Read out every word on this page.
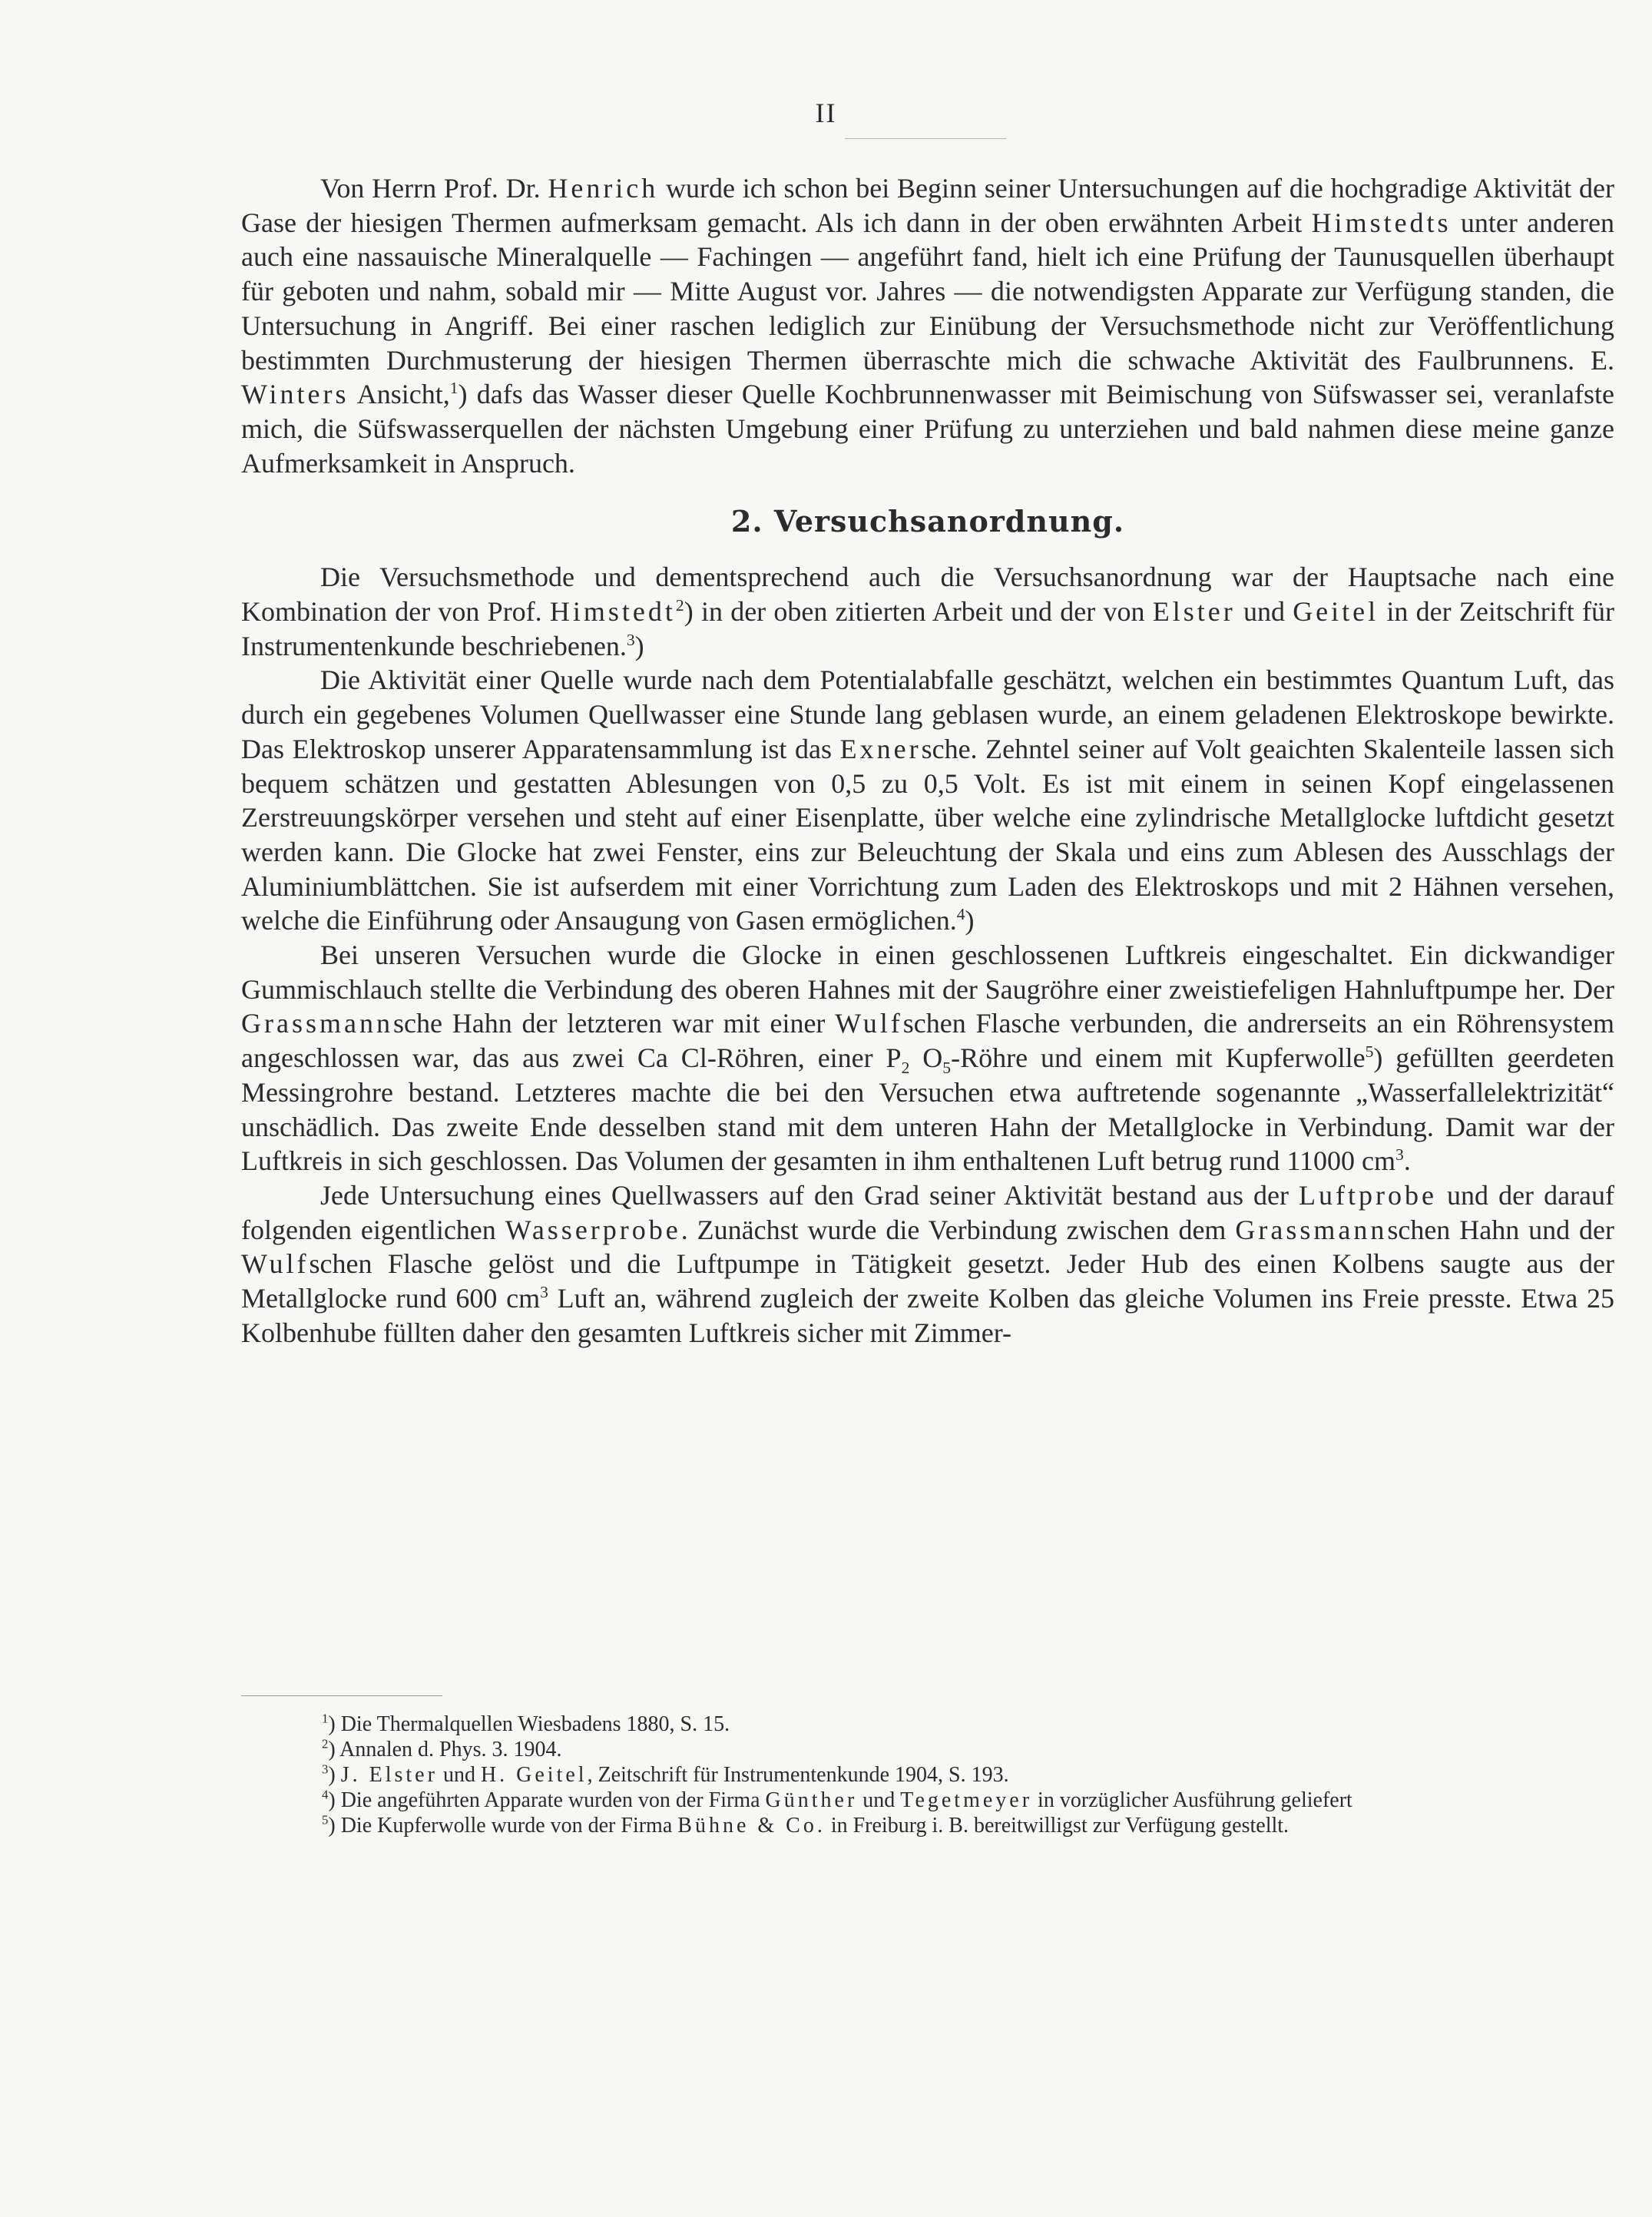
II

Von Herrn Prof. Dr. Henrich wurde ich schon bei Beginn seiner Untersuchungen auf die hochgradige Aktivität der Gase der hiesigen Thermen aufmerksam gemacht. Als ich dann in der oben erwähnten Arbeit Himstedts unter anderen auch eine nassauische Mineralquelle — Fachingen — angeführt fand, hielt ich eine Prüfung der Taunusquellen überhaupt für geboten und nahm, sobald mir — Mitte August vor. Jahres — die notwendigsten Apparate zur Verfügung standen, die Untersuchung in Angriff. Bei einer raschen lediglich zur Einübung der Versuchsmethode nicht zur Veröffentlichung bestimmten Durchmusterung der hiesigen Thermen überraschte mich die schwache Aktivität des Faulbrunnens. E. Winters Ansicht,$^1$) dafs das Wasser dieser Quelle Kochbrunnenwasser mit Beimischung von Süfswasser sei, veranlafste mich, die Süfswasserquellen der nächsten Umgebung einer Prüfung zu unterziehen und bald nahmen diese meine ganze Aufmerksamkeit in Anspruch.

2. Versuchsanordnung.

Die Versuchsmethode und dementsprechend auch die Versuchsanordnung war der Hauptsache nach eine Kombination der von Prof. Himstedt$^2$) in der oben zitierten Arbeit und der von Elster und Geitel in der Zeitschrift für Instrumentenkunde beschriebenen.$^3$)

Die Aktivität einer Quelle wurde nach dem Potentialabfalle geschätzt, welchen ein bestimmtes Quantum Luft, das durch ein gegebenes Volumen Quellwasser eine Stunde lang geblasen wurde, an einem geladenen Elektroskope bewirkte. Das Elektroskop unserer Apparatensammlung ist das Exnersche. Zehntel seiner auf Volt geaichten Skalenteile lassen sich bequem schätzen und gestatten Ablesungen von 0,5 zu 0,5 Volt. Es ist mit einem in seinen Kopf eingelassenen Zerstreuungskörper versehen und steht auf einer Eisenplatte, über welche eine zylindrische Metallglocke luftdicht gesetzt werden kann. Die Glocke hat zwei Fenster, eins zur Beleuchtung der Skala und eins zum Ablesen des Ausschlags der Aluminiumblättchen. Sie ist aufserdem mit einer Vorrichtung zum Laden des Elektroskops und mit 2 Hähnen versehen, welche die Einführung oder Ansaugung von Gasen ermöglichen.$^4$)

Bei unseren Versuchen wurde die Glocke in einen geschlossenen Luftkreis eingeschaltet. Ein dickwandiger Gummischlauch stellte die Verbindung des oberen Hahnes mit der Saugröhre einer zweistiefeligen Hahnluftpumpe her. Der Grassmannsche Hahn der letzteren war mit einer Wulfschen Flasche verbunden, die andrerseits an ein Röhrensystem angeschlossen war, das aus zwei Ca Cl-Röhren, einer $P_2$ $O_5$-Röhre und einem mit Kupferwolle$^5$) gefüllten geerdeten Messingrohre bestand. Letzteres machte die bei den Versuchen etwa auftretende sogenannte „Wasserfallelektrizität“ unschädlich. Das zweite Ende desselben stand mit dem unteren Hahn der Metallglocke in Verbindung. Damit war der Luftkreis in sich geschlossen. Das Volumen der gesamten in ihm enthaltenen Luft betrug rund 11000 $cm^3$.

Jede Untersuchung eines Quellwassers auf den Grad seiner Aktivität bestand aus der Luftprobe und der darauf folgenden eigentlichen Wasserprobe. Zunächst wurde die Verbindung zwischen dem Grassmannschen Hahn und der Wulfschen Flasche gelöst und die Luftpumpe in Tätigkeit gesetzt. Jeder Hub des einen Kolbens saugte aus der Metallglocke rund 600 $cm^3$ Luft an, während zugleich der zweite Kolben das gleiche Volumen ins Freie presste. Etwa 25 Kolbenhube füllten daher den gesamten Luftkreis sicher mit Zimmer-

$^1$) Die Thermalquellen Wiesbadens 1880, S. 15.

$^2$) Annalen d. Phys. 3. 1904.

$^3$) J. Elster und H. Geitel, Zeitschrift für Instrumentenkunde 1904, S. 193.

$^4$) Die angeführten Apparate wurden von der Firma Günther und Tegetmeyer in vorzüglicher Ausführung geliefert

$^5$) Die Kupferwolle wurde von der Firma Bühne & Co. in Freiburg i. B. bereitwilligst zur Verfügung gestellt.
